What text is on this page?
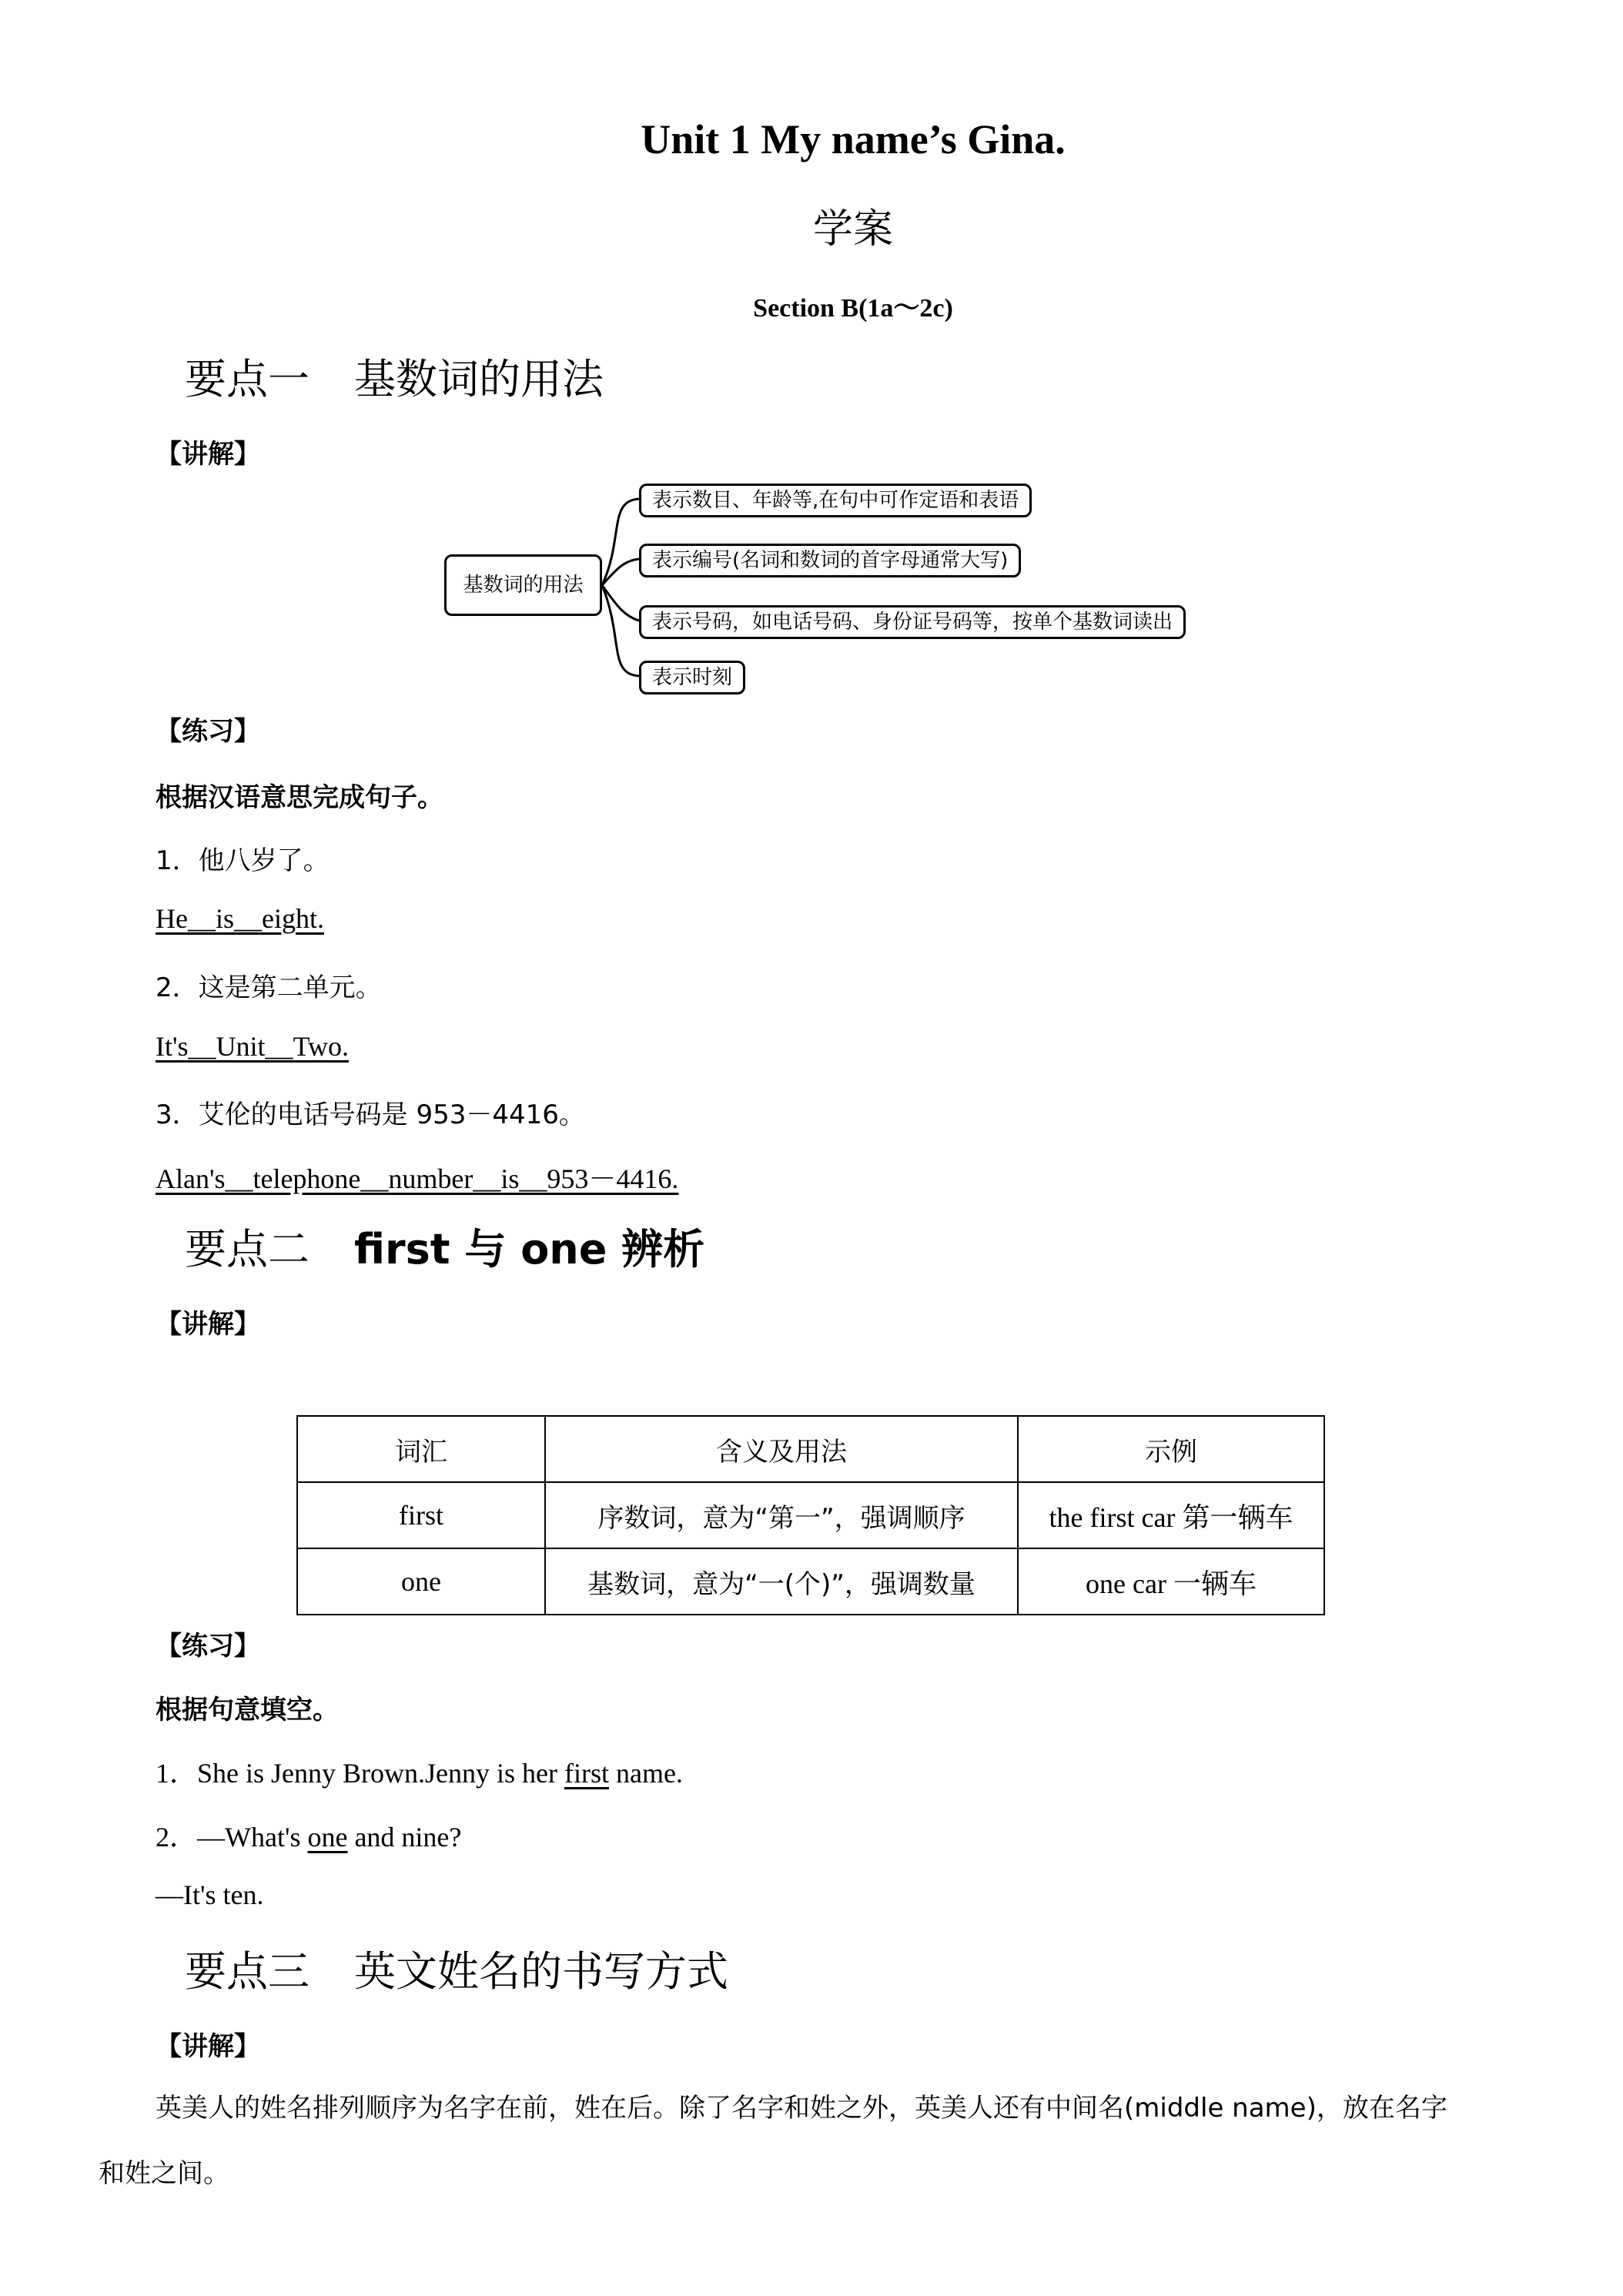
Unit 1 My name’s Gina.
学案
Section B(1a～2c)
要点一 基数词的用法
【讲解】
基数词的用法
表示数目、年龄等,在句中可作定语和表语
表示编号(名词和数词的首字母通常大写)
表示号码，如电话号码、身份证号码等，按单个基数词读出
表示时刻
【练习】
根据汉语意思完成句子。
1．他八岁了。
He__is__eight.
2．这是第二单元。
It's__Unit__Two.
3．艾伦的电话号码是 953－4416。
Alan's__telephone__number__is__953－4416.
要点二 first 与 one 辨析
【讲解】
词汇	含义及用法	示例
first	序数词，意为“第一”，强调顺序	the first car 第一辆车
one	基数词，意为“一(个)”，强调数量	one car 一辆车
【练习】
根据句意填空。
1．She is Jenny Brown.Jenny is her first name.
2．—What's one and nine?
—It's ten.
要点三 英文姓名的书写方式
【讲解】
英美人的姓名排列顺序为名字在前，姓在后。除了名字和姓之外，英美人还有中间名(middle name)，放在名字
和姓之间。
